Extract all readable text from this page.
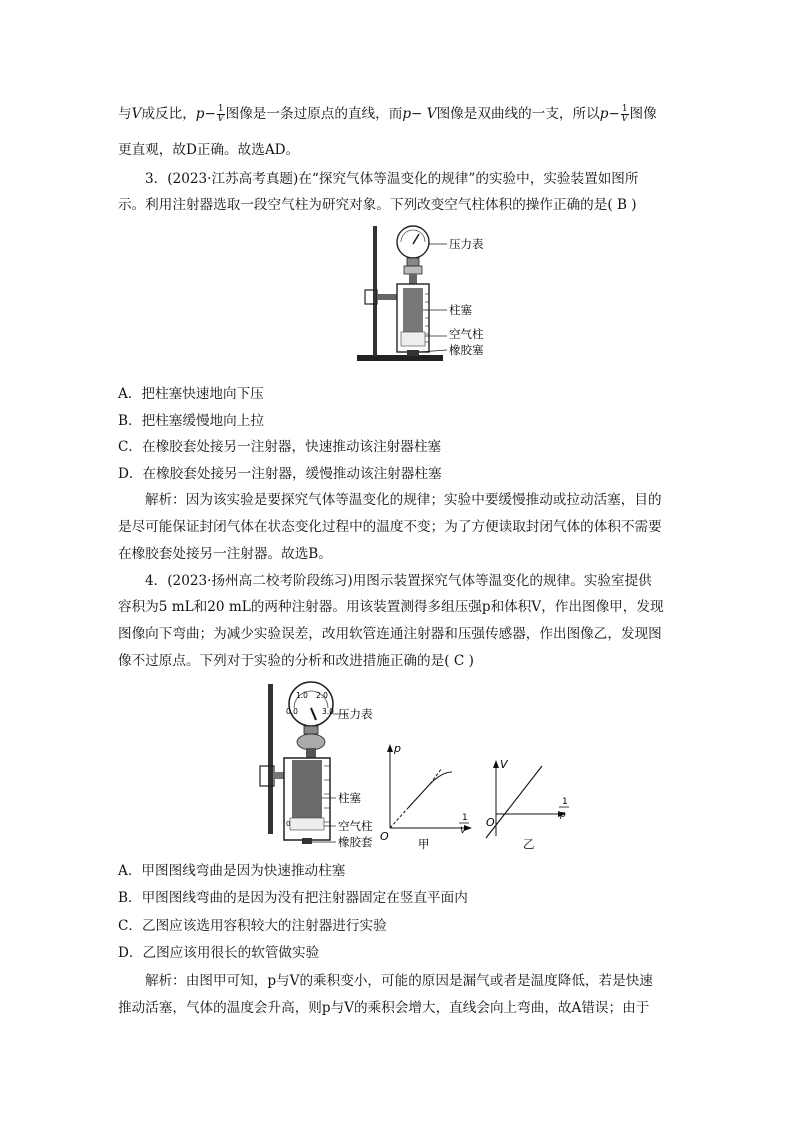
与V成反比，$p- \frac{1}{V}$ 图像是一条过原点的直线，而p− V图像是双曲线的一支，所以$p- \frac{1}{V}$ 图像
更直观，故D正确。故选AD。
3．(2023·江苏高考真题)在“探究气体等温变化的规律”的实验中，实验装置如图所
示。利用注射器选取一段空气柱为研究对象。下列改变空气柱体积的操作正确的是( B )
压力表
柱塞
空气柱
橡胶塞
A．把柱塞快速地向下压
B．把柱塞缓慢地向上拉
C．在橡胶套处接另一注射器，快速推动该注射器柱塞
D．在橡胶套处接另一注射器，缓慢推动该注射器柱塞
解析：因为该实验是要探究气体等温变化的规律；实验中要缓慢推动或拉动活塞，目的
是尽可能保证封闭气体在状态变化过程中的温度不变；为了方便读取封闭气体的体积不需要
在橡胶套处接另一注射器。故选B。
4．(2023·扬州高二校考阶段练习)用图示装置探究气体等温变化的规律。实验室提供
容积为5 mL和20 mL的两种注射器。用该装置测得多组压强p和体积V，作出图像甲，发现
图像向下弯曲；为减少实验误差，改用软管连通注射器和压强传感器，作出图像乙，发现图
像不过原点。下列对于实验的分析和改进措施正确的是( C )
0.0
1.0 2.0
3.0
4
3
2
1
0
压力表
柱塞
空气柱
橡胶套
p
O
1
V
甲
V
O
1
p
乙
A．甲图图线弯曲是因为快速推动柱塞
B．甲图图线弯曲的是因为没有把注射器固定在竖直平面内
C．乙图应该选用容积较大的注射器进行实验
D．乙图应该用很长的软管做实验
解析：由图甲可知，p与V的乘积变小，可能的原因是漏气或者是温度降低，若是快速
推动活塞，气体的温度会升高，则p与V的乘积会增大，直线会向上弯曲，故A错误；由于
